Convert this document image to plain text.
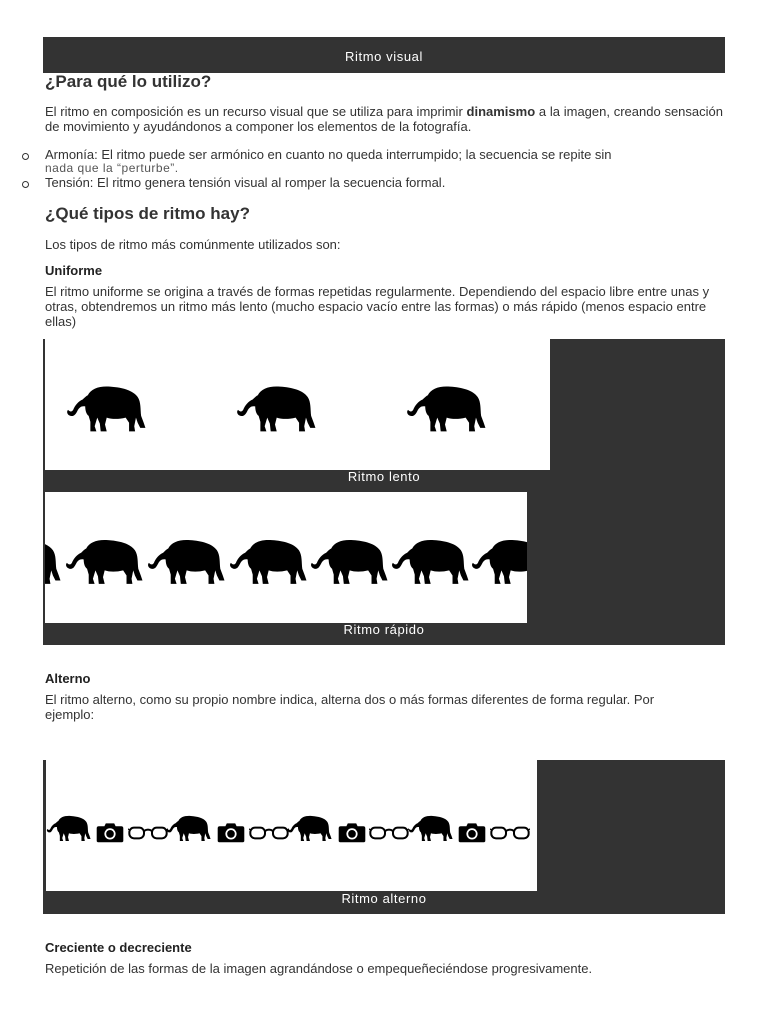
Ritmo visual
¿Para qué lo utilizo?

El ritmo en composición es un recurso visual que se utiliza para imprimir dinamismo a la imagen, creando sensación de movimiento y ayudándonos a componer los elementos de la fotografía.

Armonía: El ritmo puede ser armónico en cuanto no queda interrumpido; la secuencia se repite sin

nada que la “perturbe”.

Tensión: El ritmo genera tensión visual al romper la secuencia formal.

¿Qué tipos de ritmo hay?

Los tipos de ritmo más comúnmente utilizados son:

Uniforme

El ritmo uniforme se origina a través de formas repetidas regularmente. Dependiendo del espacio libre entre unas y otras, obtendremos un ritmo más lento (mucho espacio vacío entre las formas) o más rápido (menos espacio entre ellas)

Ritmo lento
Ritmo rápido
Alterno

El ritmo alterno, como su propio nombre indica, alterna dos o más formas diferentes de forma regular. Por ejemplo:

Ritmo alterno
Creciente o decreciente

Repetición de las formas de la imagen agrandándose o empequeñeciéndose progresivamente.
